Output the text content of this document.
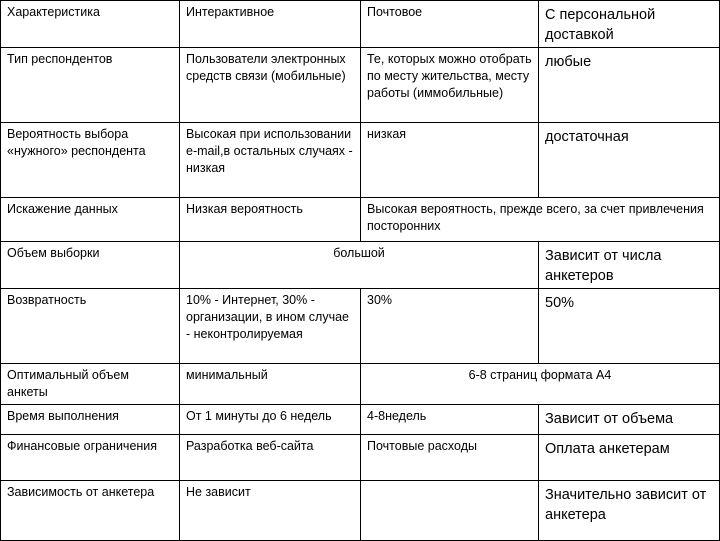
Характеристика	Интерактивное	Почтовое	С персональной доставкой
Тип респондентов	Пользователи электронных средств связи (мобильные)	Те, которых можно отобрать по месту жительства, месту работы (иммобильные)	любые
Вероятность выбора «нужного» респондента	Высокая при использовании e-mail,в остальных случаях - низкая	низкая	достаточная
Искажение данных	Низкая вероятность	Высокая вероятность, прежде всего, за счет привлечения посторонних	
Объем выборки	большой		Зависит от числа анкетеров
Возвратность	10% - Интернет, 30% - организации, в ином случае - неконтролируемая	30%	50%
Оптимальный объем анкеты	минимальный	6-8 страниц формата А4	
Время выполнения	От 1 минуты до 6 недель	4-8недель	Зависит от объема
Финансовые ограничения	Разработка веб-сайта	Почтовые расходы	Оплата анкетерам
Зависимость от анкетера	Не зависит		Значительно зависит от анкетера
